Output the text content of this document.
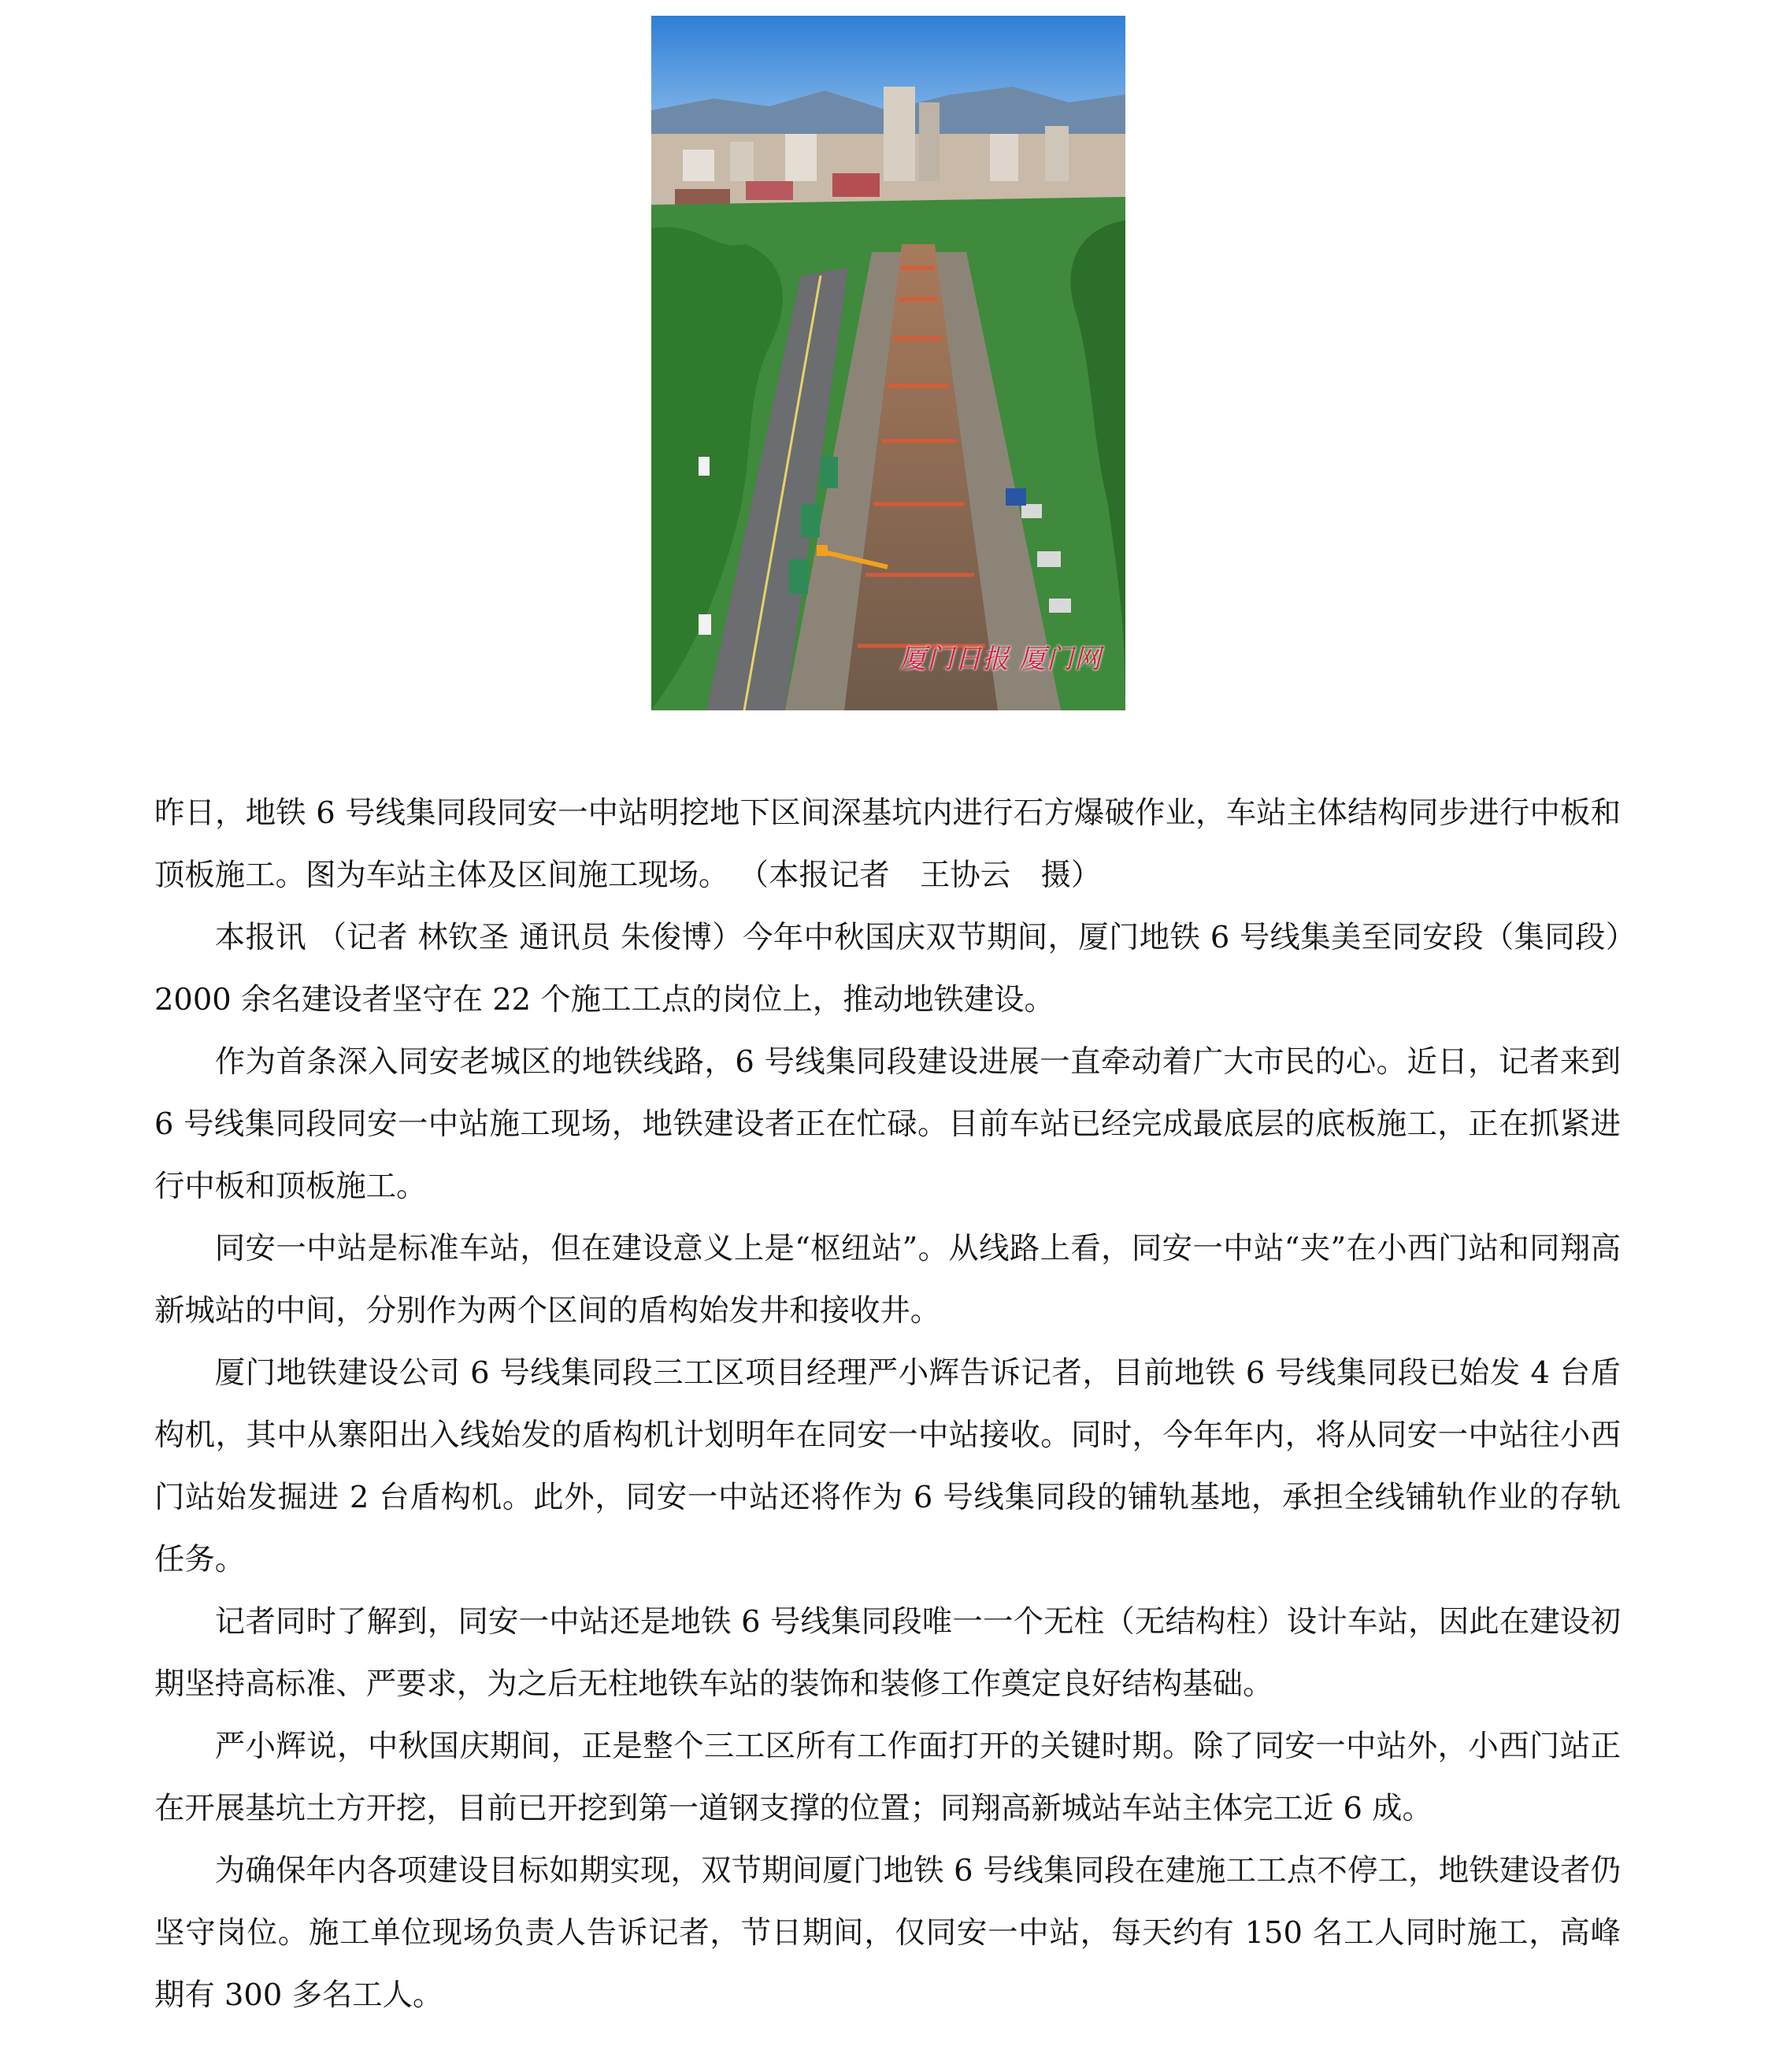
厦门日报 厦门网

昨日，地铁 6 号线集同段同安一中站明挖地下区间深基坑内进行石方爆破作业，车站主体结构同步进行中板和顶板施工。图为车站主体及区间施工现场。 （本报记者　王协云　摄）

本报讯 （记者 林钦圣 通讯员 朱俊博）今年中秋国庆双节期间，厦门地铁 6 号线集美至同安段（集同段）2000 余名建设者坚守在 22 个施工工点的岗位上，推动地铁建设。

作为首条深入同安老城区的地铁线路，6 号线集同段建设进展一直牵动着广大市民的心。近日，记者来到 6 号线集同段同安一中站施工现场，地铁建设者正在忙碌。目前车站已经完成最底层的底板施工，正在抓紧进行中板和顶板施工。

同安一中站是标准车站，但在建设意义上是“枢纽站”。从线路上看，同安一中站“夹”在小西门站和同翔高新城站的中间，分别作为两个区间的盾构始发井和接收井。

厦门地铁建设公司 6 号线集同段三工区项目经理严小辉告诉记者，目前地铁 6 号线集同段已始发 4 台盾构机，其中从寨阳出入线始发的盾构机计划明年在同安一中站接收。同时，今年年内，将从同安一中站往小西门站始发掘进 2 台盾构机。此外，同安一中站还将作为 6 号线集同段的铺轨基地，承担全线铺轨作业的存轨任务。

记者同时了解到，同安一中站还是地铁 6 号线集同段唯一一个无柱（无结构柱）设计车站，因此在建设初期坚持高标准、严要求，为之后无柱地铁车站的装饰和装修工作奠定良好结构基础。

严小辉说，中秋国庆期间，正是整个三工区所有工作面打开的关键时期。除了同安一中站外，小西门站正在开展基坑土方开挖，目前已开挖到第一道钢支撑的位置；同翔高新城站车站主体完工近 6 成。

为确保年内各项建设目标如期实现，双节期间厦门地铁 6 号线集同段在建施工工点不停工，地铁建设者仍坚守岗位。施工单位现场负责人告诉记者，节日期间，仅同安一中站，每天约有 150 名工人同时施工，高峰期有 300 多名工人。
